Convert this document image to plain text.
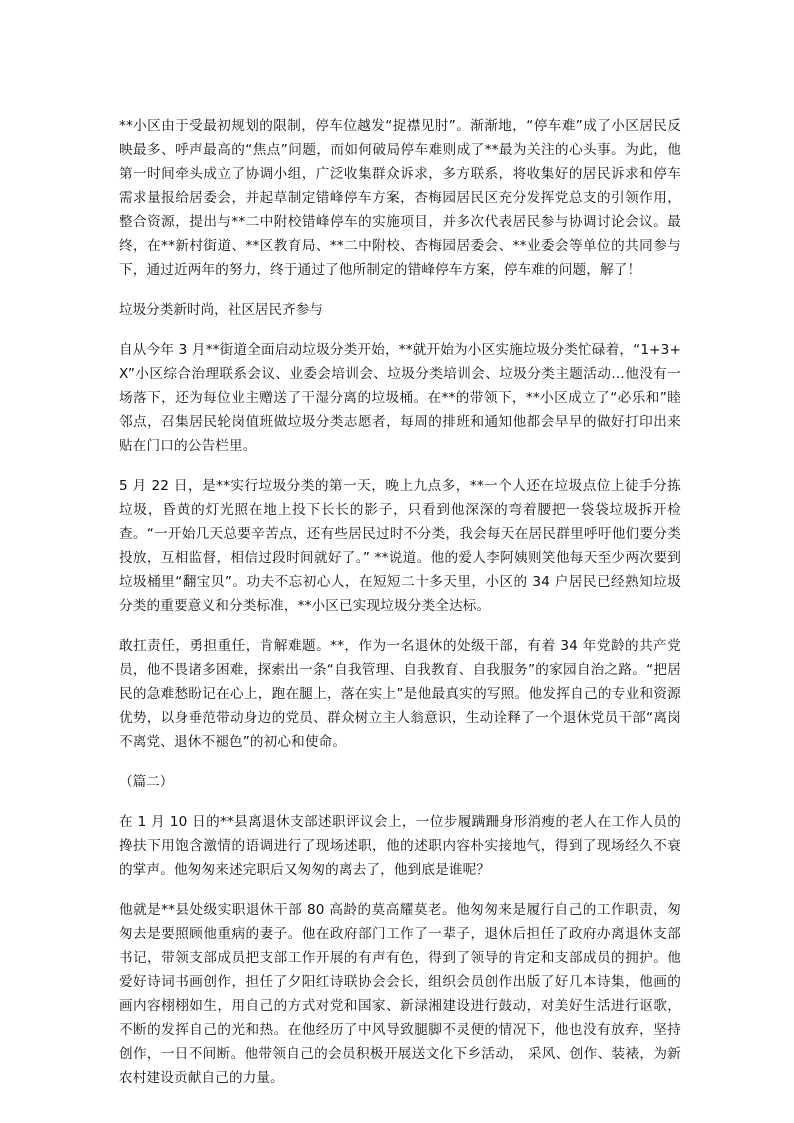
**小区由于受最初规划的限制，停车位越发“捉襟见肘”。渐渐地，“停车难”成了小区居民反映最多、呼声最高的“焦点”问题，而如何破局停车难则成了**最为关注的心头事。为此，他第一时间牵头成立了协调小组，广泛收集群众诉求，多方联系，将收集好的居民诉求和停车需求量报给居委会，并起草制定错峰停车方案，杏梅园居民区充分发挥党总支的引领作用，整合资源，提出与**二中附校错峰停车的实施项目，并多次代表居民参与协调讨论会议。最终，在**新村街道、**区教育局、**二中附校、杏梅园居委会、**业委会等单位的共同参与下，通过近两年的努力，终于通过了他所制定的错峰停车方案，停车难的问题，解了！

垃圾分类新时尚，社区居民齐参与

自从今年 3 月**街道全面启动垃圾分类开始，**就开始为小区实施垃圾分类忙碌着，“1+3+X”小区综合治理联系会议、业委会培训会、垃圾分类培训会、垃圾分类主题活动…他没有一场落下，还为每位业主赠送了干湿分离的垃圾桶。在**的带领下，**小区成立了“必乐和”睦邻点，召集居民轮岗值班做垃圾分类志愿者，每周的排班和通知他都会早早的做好打印出来贴在门口的公告栏里。

5 月 22 日，是**实行垃圾分类的第一天，晚上九点多，**一个人还在垃圾点位上徒手分拣垃圾，昏黄的灯光照在地上投下长长的影子，只看到他深深的弯着腰把一袋袋垃圾拆开检查。“一开始几天总要辛苦点，还有些居民过时不分类，我会每天在居民群里呼吁他们要分类投放，互相监督，相信过段时间就好了。” **说道。他的爱人李阿姨则笑他每天至少两次要到垃圾桶里“翻宝贝”。功夫不忘初心人，在短短二十多天里，小区的 34 户居民已经熟知垃圾分类的重要意义和分类标准，**小区已实现垃圾分类全达标。

敢扛责任，勇担重任，肯解难题。**，作为一名退休的处级干部，有着 34 年党龄的共产党员，他不畏诸多困难，探索出一条“自我管理、自我教育、自我服务”的家园自治之路。“把居民的急难愁盼记在心上，跑在腿上，落在实上”是他最真实的写照。他发挥自己的专业和资源优势，以身垂范带动身边的党员、群众树立主人翁意识，生动诠释了一个退休党员干部“离岗不离党、退休不褪色”的初心和使命。

（篇二）

在 1 月 10 日的**县离退休支部述职评议会上，一位步履蹒跚身形消瘦的老人在工作人员的搀扶下用饱含激情的语调进行了现场述职，他的述职内容朴实接地气，得到了现场经久不衰的掌声。他匆匆来述完职后又匆匆的离去了，他到底是谁呢？

他就是**县处级实职退休干部 80 高龄的莫高耀莫老。他匆匆来是履行自己的工作职责，匆匆去是要照顾他重病的妻子。他在政府部门工作了一辈子，退休后担任了政府办离退休支部书记，带领支部成员把支部工作开展的有声有色，得到了领导的肯定和支部成员的拥护。他爱好诗词书画创作，担任了夕阳红诗联协会会长，组织会员创作出版了好几本诗集，他画的画内容栩栩如生，用自己的方式对党和国家、新渌湘建设进行鼓动，对美好生活进行讴歌，不断的发挥自己的光和热。在他经历了中风导致腿脚不灵便的情况下，他也没有放弃，坚持创作，一日不间断。他带领自己的会员积极开展送文化下乡活动， 采风、创作、装裱，为新农村建设贡献自己的力量。
